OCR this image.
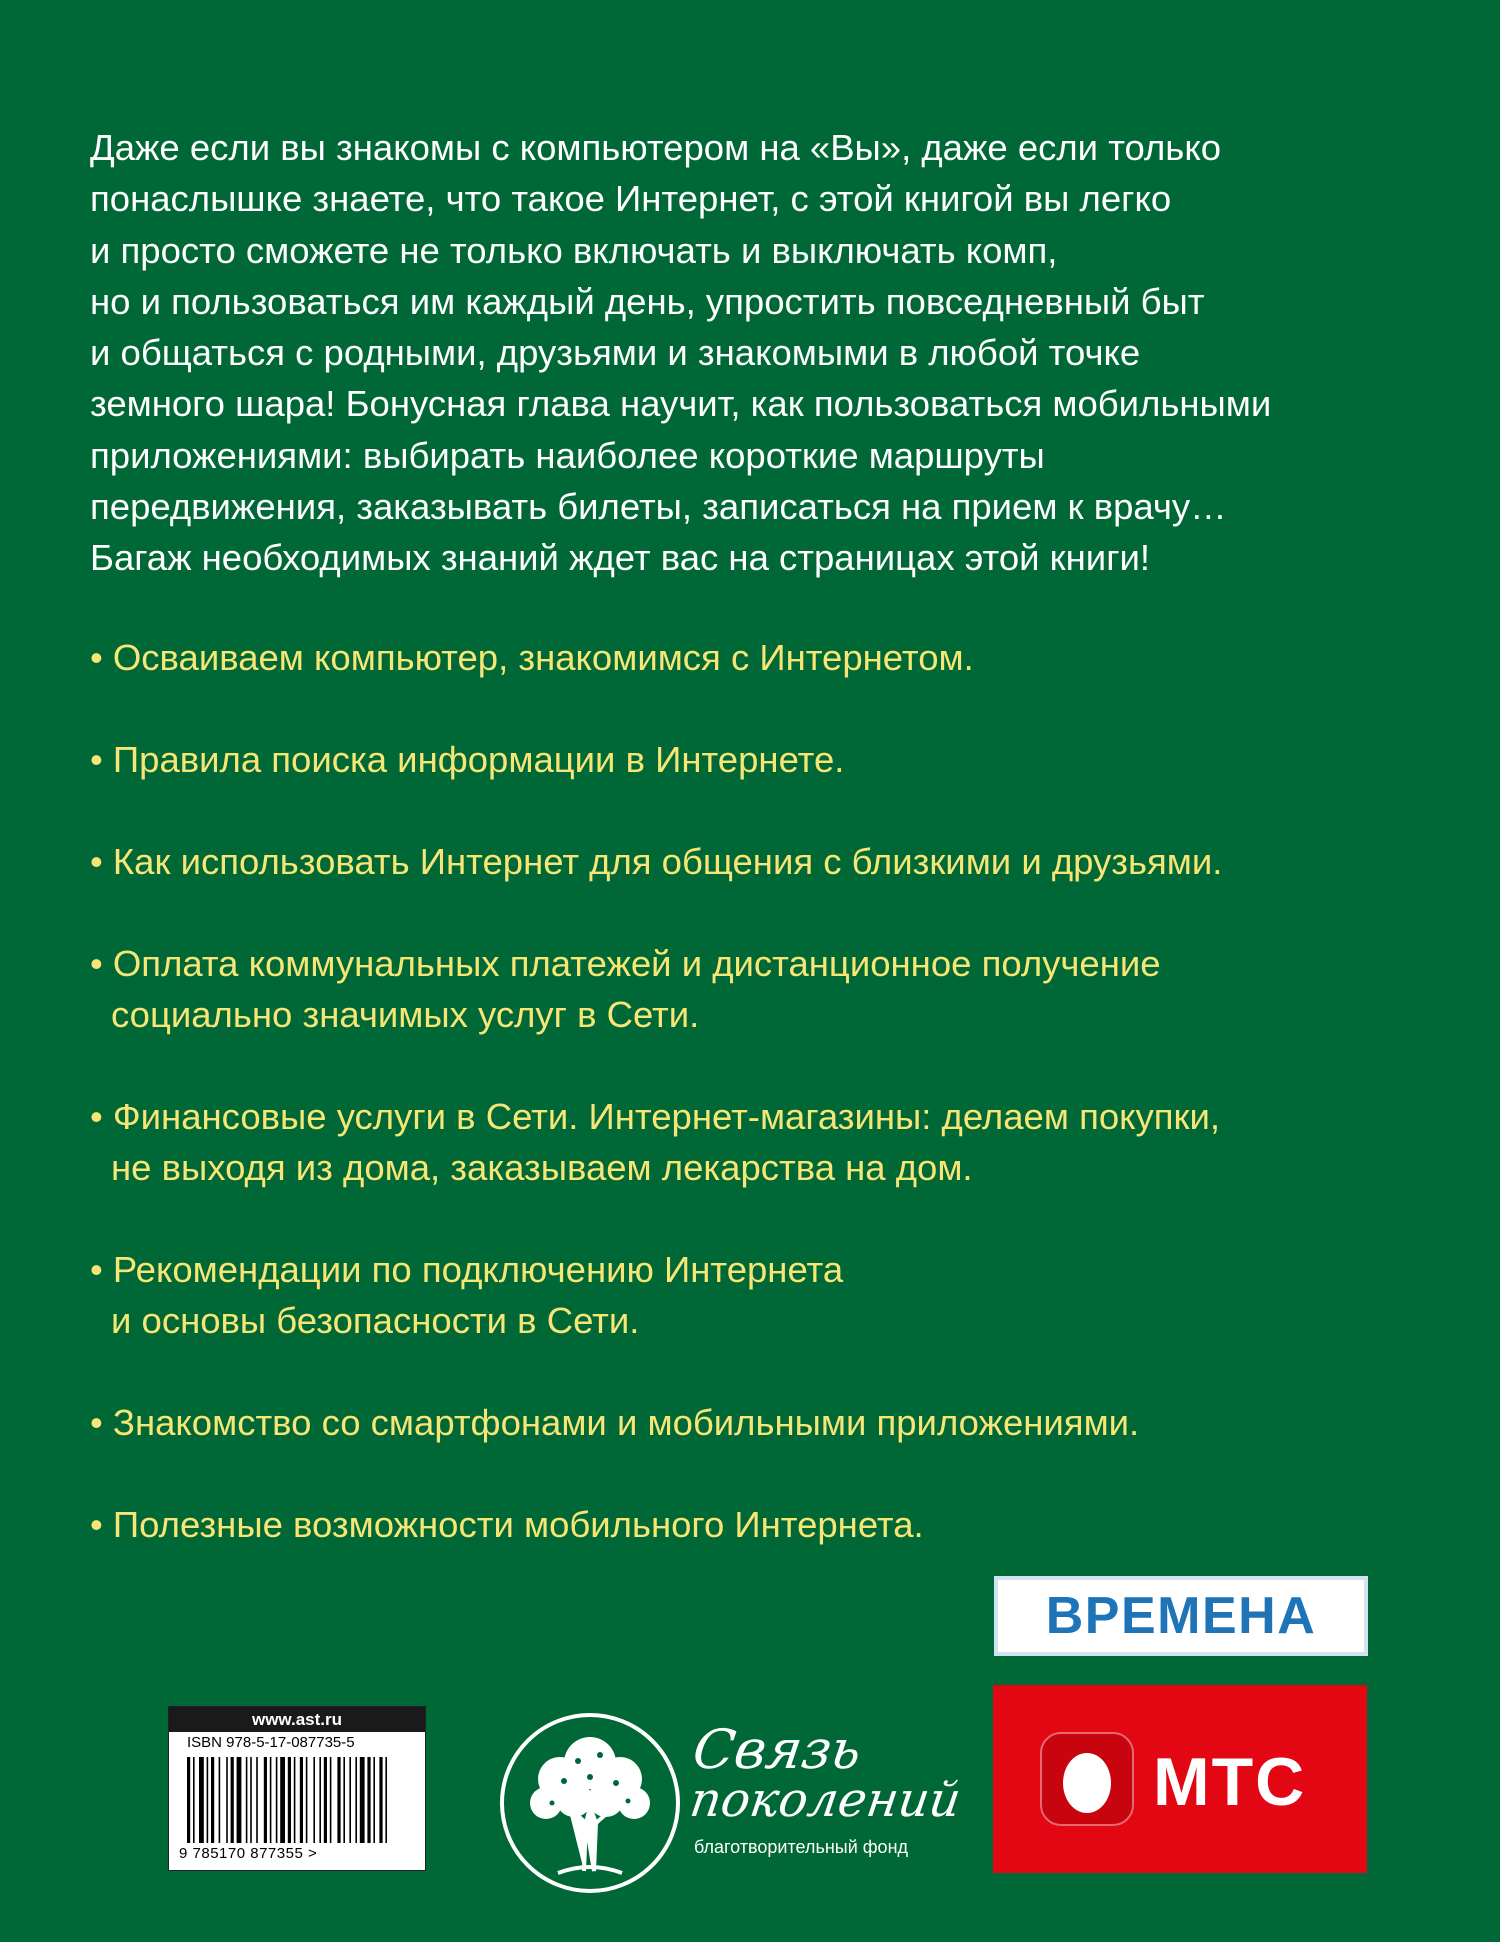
Даже если вы знакомы с компьютером на «Вы», даже если только
понаслышке знаете, что такое Интернет, с этой книгой вы легко
и просто сможете не только включать и выключать комп,
но и пользоваться им каждый день, упростить повседневный быт
и общаться с родными, друзьями и знакомыми в любой точке
земного шара! Бонусная глава научит, как пользоваться мобильными
приложениями: выбирать наиболее короткие маршруты
передвижения, заказывать билеты, записаться на прием к врачу…
Багаж необходимых знаний ждет вас на страницах этой книги!
• Осваиваем компьютер, знакомимся с Интернетом.
• Правила поиска информации в Интернете.
• Как использовать Интернет для общения с близкими и друзьями.
• Оплата коммунальных платежей и дистанционное получение
социально значимых услуг в Сети.
• Финансовые услуги в Сети. Интернет-магазины: делаем покупки,
не выходя из дома, заказываем лекарства на дом.
• Рекомендации по подключению Интернета
и основы безопасности в Сети.
• Знакомство со смартфонами и мобильными приложениями.
• Полезные возможности мобильного Интернета.
www.ast.ru
ISBN 978-5-17-087735-5
9 785170 877355 >
Связь
поколений
благотворительный фонд
ВРЕМЕНА
МТС
